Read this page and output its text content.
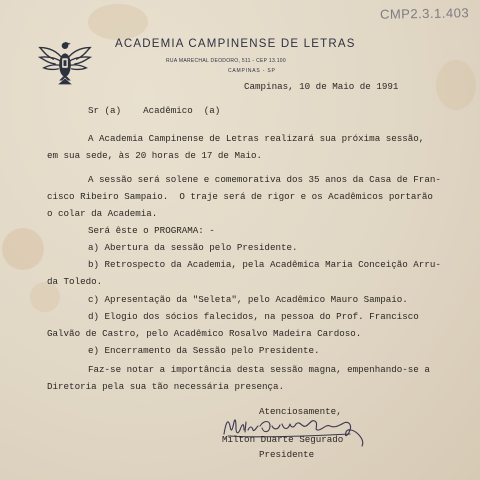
CMP2.3.1.403
ACADEMIA CAMPINENSE DE LETRAS
RUA MARECHAL DEODORO, 511 - CEP 13.100
CAMPINAS - SP
Campinas, 10 de Maio de 1991
Sr (a)    Acadêmico  (a)
A Academia Campinense de Letras realizará sua próxima sessão,
em sua sede, às 20 horas de 17 de Maio.
A sessão será solene e comemorativa dos 35 anos da Casa de Fran-
cisco Ribeiro Sampaio.  O traje será de rigor e os Acadêmicos portarão
o colar da Academia.
Será êste o PROGRAMA: -
a) Abertura da sessão pelo Presidente.
b) Retrospecto da Academia, pela Acadêmica Maria Conceição Arru-
da Toledo.
c) Apresentação da "Seleta", pelo Acadêmico Mauro Sampaio.
d) Elogio dos sócios falecidos, na pessoa do Prof. Francisco
Galvão de Castro, pelo Acadêmico Rosalvo Madeira Cardoso.
e) Encerramento da Sessão pelo Presidente.
Faz-se notar a importância desta sessão magna, empenhando-se a
Diretoria pela sua tão necessária presença.
Atenciosamente,
Milton Duarte Segurado
Presidente
